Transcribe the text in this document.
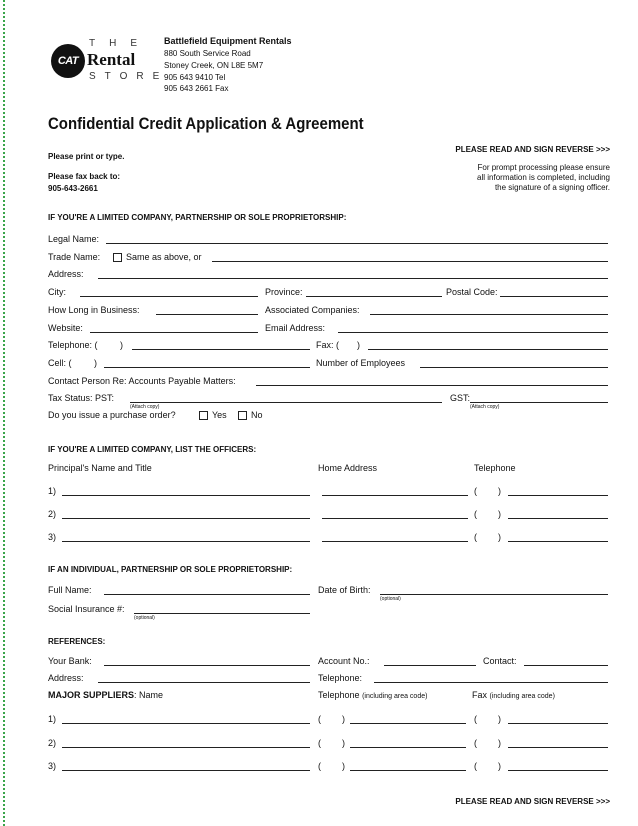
CAT
THE
Rental
STORE
Battlefield Equipment Rentals
880 South Service Road
Stoney Creek, ON L8E 5M7
905 643 9410 Tel
905 643 2661 Fax
Confidential Credit Application & Agreement
Please print or type.
Please fax back to:
905-643-2661
PLEASE READ AND SIGN REVERSE >>>
For prompt processing please ensure
all information is completed, including
the signature of a signing officer.
IF YOU'RE A LIMITED COMPANY, PARTNERSHIP OR SOLE PROPRIETORSHIP:
Legal Name:
Trade Name:	Same as above, or
Address:
City:	Province:	Postal Code:
How Long in Business:	Associated Companies:
Website:	Email Address:
Telephone: ( )	Fax: ( )
Cell: ( )	Number of Employees
Contact Person Re: Accounts Payable Matters:
Tax Status: PST:
(Attach copy)
GST:
(Attach copy)
Do you issue a purchase order?	Yes	No
IF YOU'RE A LIMITED COMPANY, LIST THE OFFICERS:
Principal's Name and Title	Home Address	Telephone
1)	( )
2)	( )
3)	( )
IF AN INDIVIDUAL, PARTNERSHIP OR SOLE PROPRIETORSHIP:
Full Name:	Date of Birth:
(optional)
Social Insurance #:
(optional)
REFERENCES:
Your Bank:	Account No.:	Contact:
Address:	Telephone:
MAJOR SUPPLIERS: Name	Telephone (including area code)	Fax (including area code)
1)	( )	( )
2)	( )	( )
3)	( )	( )
PLEASE READ AND SIGN REVERSE >>>
